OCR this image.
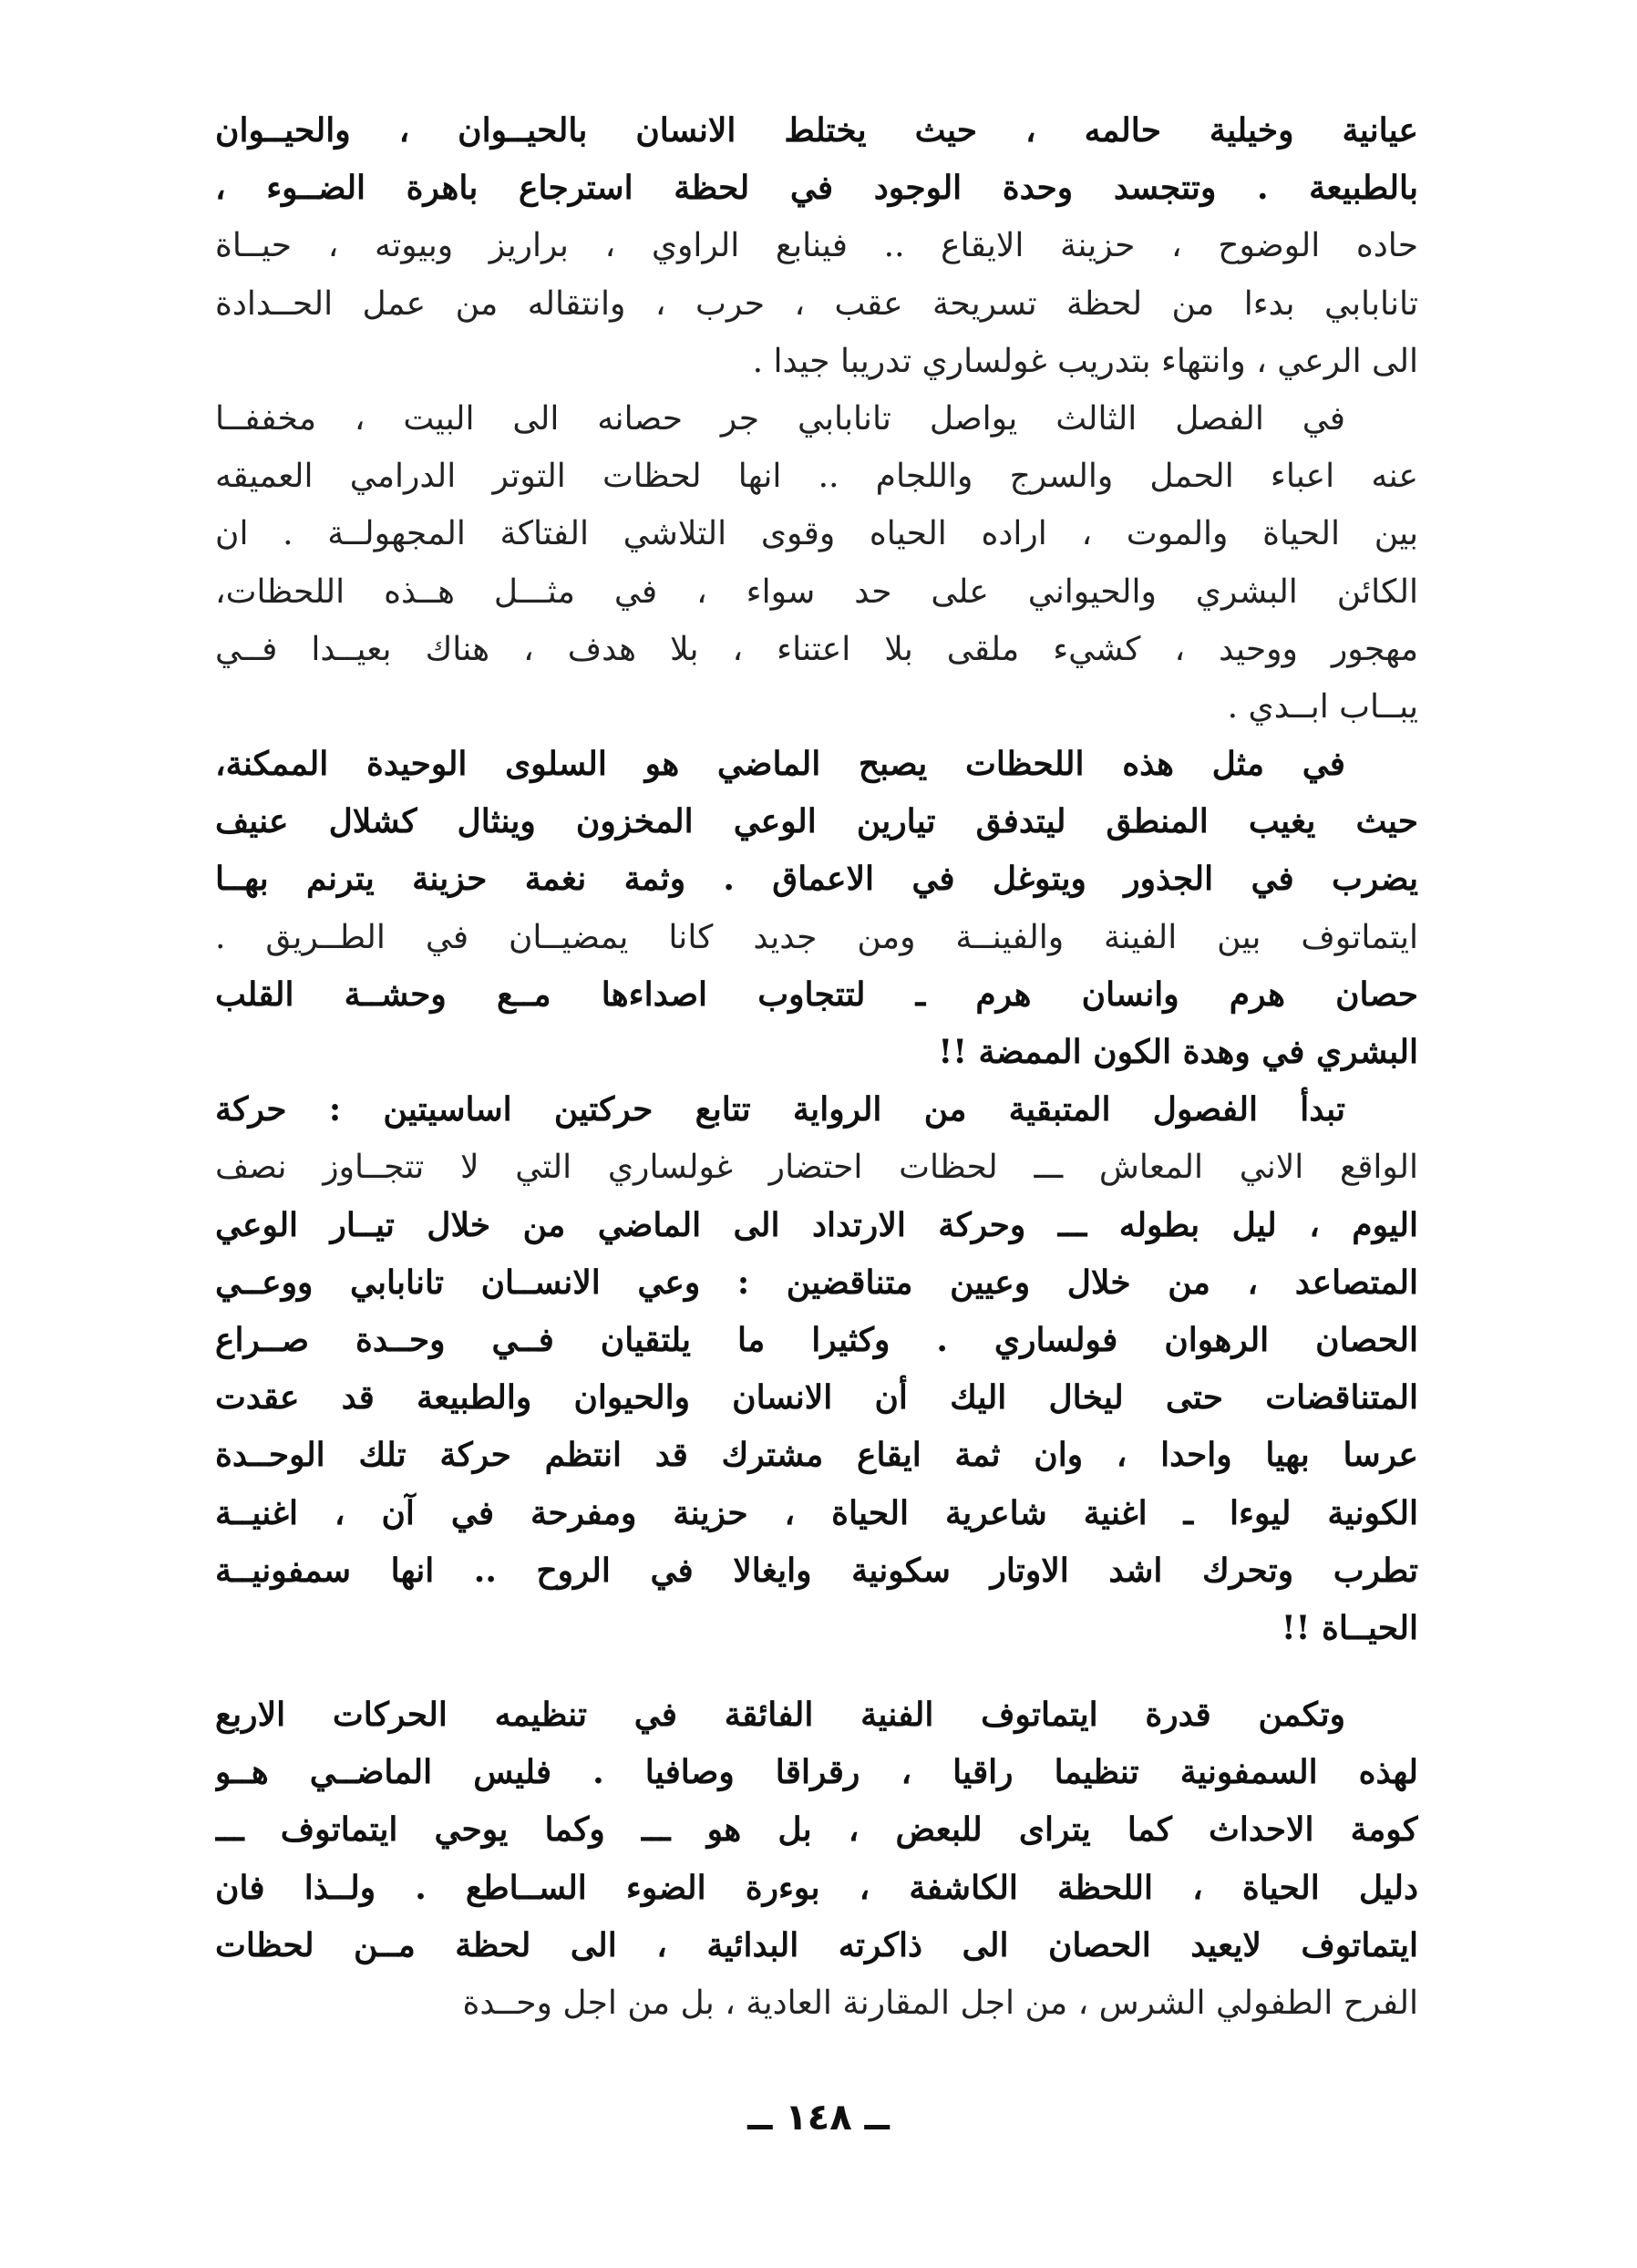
عيانية وخيلية حالمه ، حيث يختلط الانسان بالحيــوان ، والحيــوان
بالطبيعة . وتتجسد وحدة الوجود في لحظة استرجاع باهرة الضــوء ،
حاده الوضوح ، حزينة الايقاع .. فينابع الراوي ، براريز وبيوته ، حيــاة
تانابابي بدءا من لحظة تسريحة عقب ، حرب ، وانتقاله من عمل الحــدادة
الى الرعي ، وانتهاء بتدريب غولساري تدريبا جيدا .
في الفصل الثالث يواصل تانابابي جر حصانه الى البيت ، مخففــا
عنه اعباء الحمل والسرج واللجام .. انها لحظات التوتر الدرامي العميقه
بين الحياة والموت ، اراده الحياه وقوى التلاشي الفتاكة المجهولــة . ان
الكائن البشري والحيواني على حد سواء ، في مثـــل هــذه اللحظات،
مهجور ووحيد ، كشيء ملقى بلا اعتناء ، بلا هدف ، هناك بعيــدا فــي
يبــاب ابــدي .
في مثل هذه اللحظات يصبح الماضي هو السلوى الوحيدة الممكنة،
حيث يغيب المنطق ليتدفق تيارين الوعي المخزون وينثال كشلال عنيف
يضرب في الجذور ويتوغل في الاعماق . وثمة نغمة حزينة يترنم بهــا
ايتماتوف بين الفينة والفينــة ومن جديد كانا يمضيــان في الطــريق .
حصان هرم وانسان هرم ـ لتتجاوب اصداءها مــع وحشــة القلب
البشري في وهدة الكون الممضة !!
تبدأ الفصول المتبقية من الرواية تتابع حركتين اساسيتين : حركة
الواقع الاني المعاش ـــ لحظات احتضار غولساري التي لا تتجــاوز نصف
اليوم ، ليل بطوله ـــ وحركة الارتداد الى الماضي من خلال تيــار الوعي
المتصاعد ، من خلال وعيين متناقضين : وعي الانســان تانابابي ووعــي
الحصان الرهوان فولساري . وكثيرا ما يلتقيان فــي وحــدة صــراع
المتناقضات حتى ليخال اليك أن الانسان والحيوان والطبيعة قد عقدت
عرسا بهيا واحدا ، وان ثمة ايقاع مشترك قد انتظم حركة تلك الوحــدة
الكونية ليوءا ـ اغنية شاعرية الحياة ، حزينة ومفرحة في آن ، اغنيــة
تطرب وتحرك اشد الاوتار سكونية وايغالا في الروح .. انها سمفونيــة
الحيــاة !!
وتكمن قدرة ايتماتوف الفنية الفائقة في تنظيمه الحركات الاربع
لهذه السمفونية تنظيما راقيا ، رقراقا وصافيا . فليس الماضــي هــو
كومة الاحداث كما يتراى للبعض ، بل هو ـــ وكما يوحي ايتماتوف ـــ
دليل الحياة ، اللحظة الكاشفة ، بوءرة الضوء الســاطع . ولــذا فان
ايتماتوف لايعيد الحصان الى ذاكرته البدائية ، الى لحظة مــن لحظات
الفرح الطفولي الشرس ، من اجل المقارنة العادية ، بل من اجل وحــدة
ــ ١٤٨ ــ
